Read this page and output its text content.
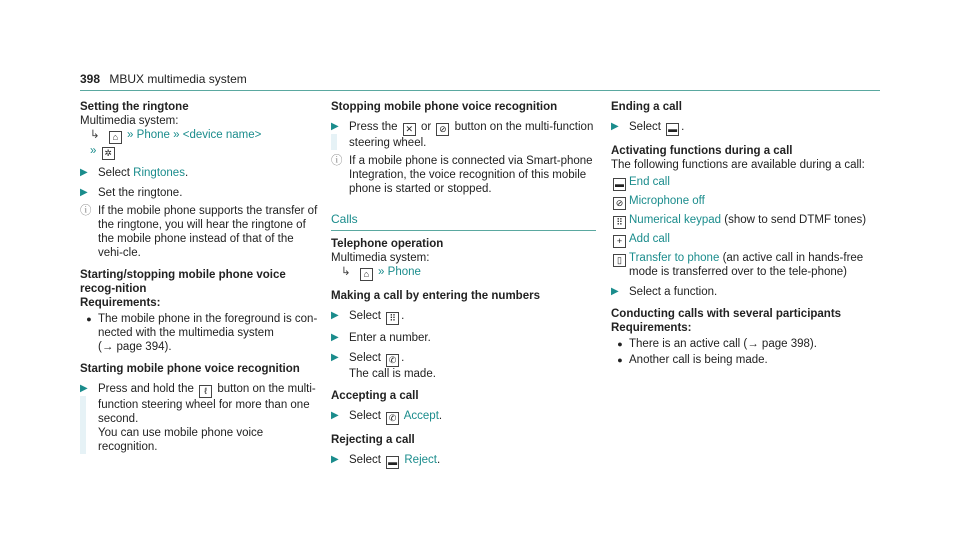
398 MBUX multimedia system
Setting the ringtone
Multimedia system:
↳ ⌂ » Phone » <device name>
» ✲
▶ Select Ringtones.
▶ Set the ringtone.
ⓘ If the mobile phone supports the transfer of the ringtone, you will hear the ringtone of the mobile phone instead of that of the vehi-cle.
Starting/stopping mobile phone voice recog-nition
Requirements:
● The mobile phone in the foreground is con-nected with the multimedia system
(→ page 394).
Starting mobile phone voice recognition
▶ Press and hold the ℓ button on the multi-function steering wheel for more than one second.
You can use mobile phone voice recognition.
Stopping mobile phone voice recognition
▶ Press the ✕ or ⊘ button on the multi-function steering wheel.
ⓘ If a mobile phone is connected via Smart-phone Integration, the voice recognition of this mobile phone is started or stopped.
Calls
Telephone operation
Multimedia system:
↳ ⌂ » Phone
Making a call by entering the numbers
▶ Select ⠿ .
▶ Enter a number.
▶ Select ✆ .
The call is made.
Accepting a call
▶ Select ✆ Accept.
Rejecting a call
▶ Select ▬ Reject.
Ending a call
▶ Select ▬ .
Activating functions during a call
The following functions are available during a call:
▬ End call
⊘ Microphone off
⠿ Numerical keypad (show to send DTMF tones)
+ Add call
▯ Transfer to phone (an active call in hands-free mode is transferred over to the tele-phone)
▶ Select a function.
Conducting calls with several participants
Requirements:
● There is an active call (→ page 398).
● Another call is being made.
